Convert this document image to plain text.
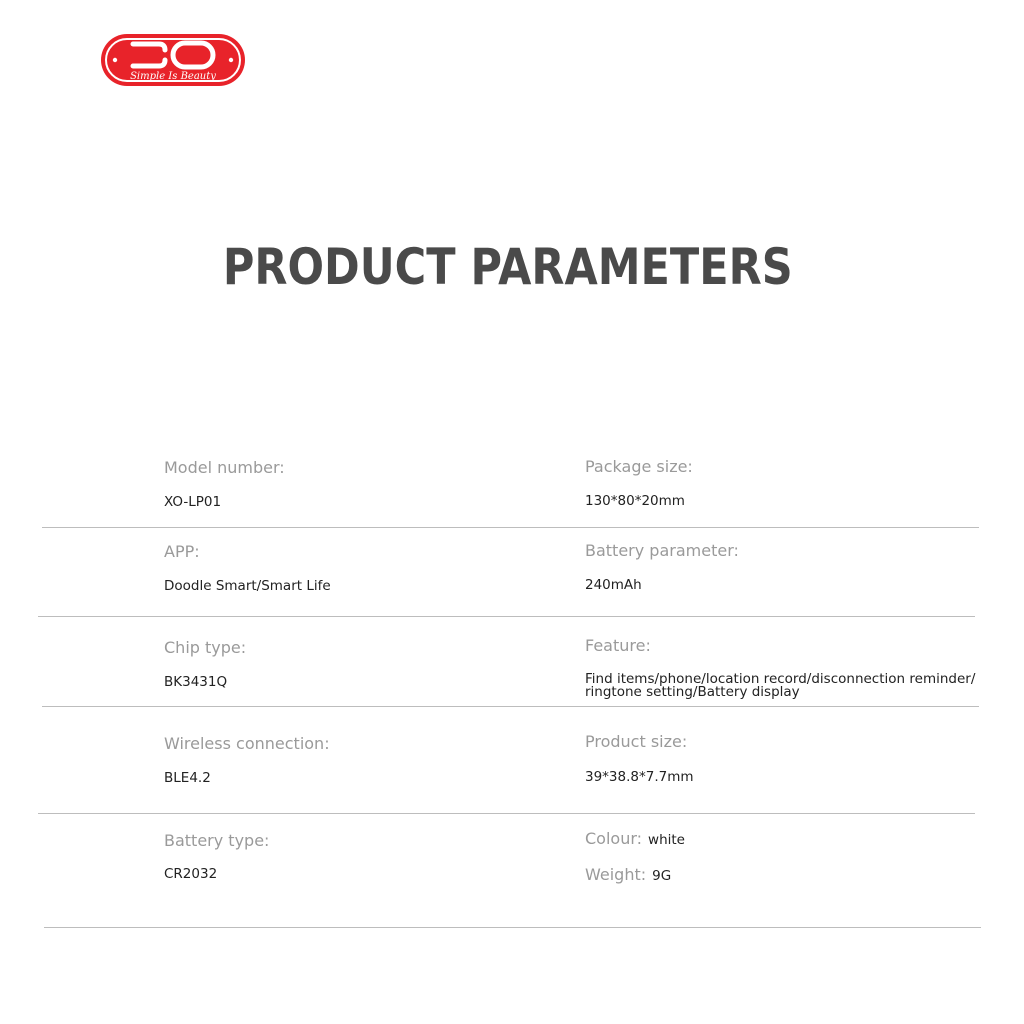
Simple Is Beauty
PRODUCT PARAMETERS
Model number:
XO-LP01
Package size:
130*80*20mm
APP:
Doodle Smart/Smart Life
Battery parameter:
240mAh
Chip type:
BK3431Q
Feature:
Find items/phone/location record/disconnection reminder/ ringtone setting/Battery display
Wireless connection:
BLE4.2
Product size:
39*38.8*7.7mm
Battery type:
CR2032
Colour: white
Weight: 9G
